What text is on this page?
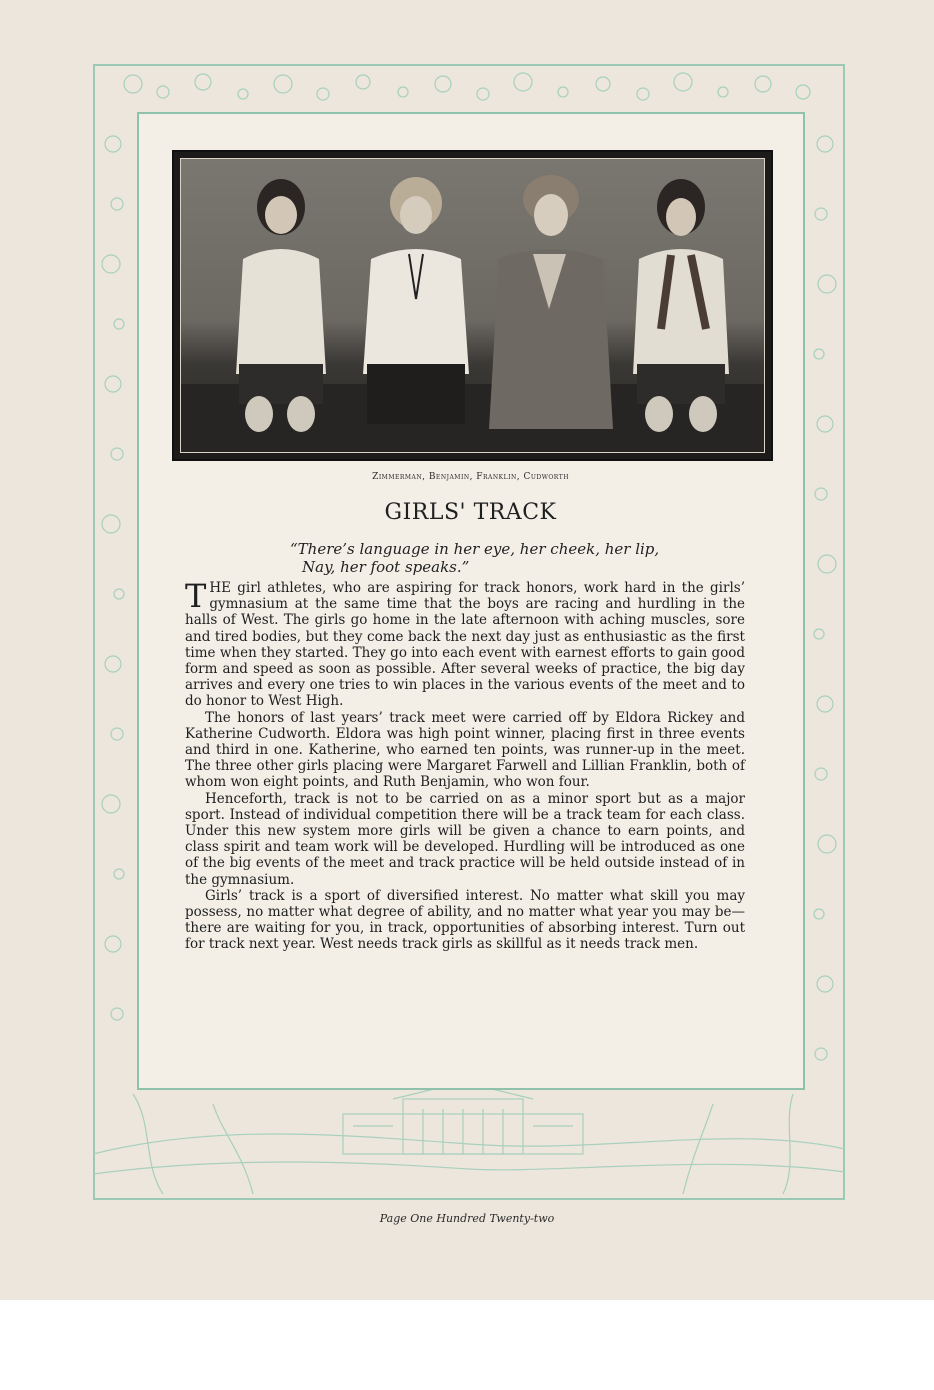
Zimmerman, Benjamin, Franklin, Cudworth
GIRLS' TRACK
“There’s language in her eye, her cheek, her lip,
Nay, her foot speaks.”

THE girl athletes, who are aspiring for track honors, work hard in the girls’ gymnasium at the same time that the boys are racing and hurdling in the halls of West. The girls go home in the late afternoon with aching muscles, sore and tired bodies, but they come back the next day just as enthusiastic as the first time when they started. They go into each event with earnest efforts to gain good form and speed as soon as possible. After several weeks of practice, the big day arrives and every one tries to win places in the various events of the meet and to do honor to West High.

The honors of last years’ track meet were carried off by Eldora Rickey and Katherine Cudworth. Eldora was high point winner, placing first in three events and third in one. Katherine, who earned ten points, was runner-up in the meet. The three other girls placing were Margaret Farwell and Lillian Franklin, both of whom won eight points, and Ruth Benjamin, who won four.

Henceforth, track is not to be carried on as a minor sport but as a major sport. Instead of individual competition there will be a track team for each class. Under this new system more girls will be given a chance to earn points, and class spirit and team work will be developed. Hurdling will be introduced as one of the big events of the meet and track practice will be held outside instead of in the gymnasium.

Girls’ track is a sport of diversified interest. No matter what skill you may possess, no matter what degree of ability, and no matter what year you may be—there are waiting for you, in track, opportunities of absorbing interest. Turn out for track next year. West needs track girls as skillful as it needs track men.

Page One Hundred Twenty-two
